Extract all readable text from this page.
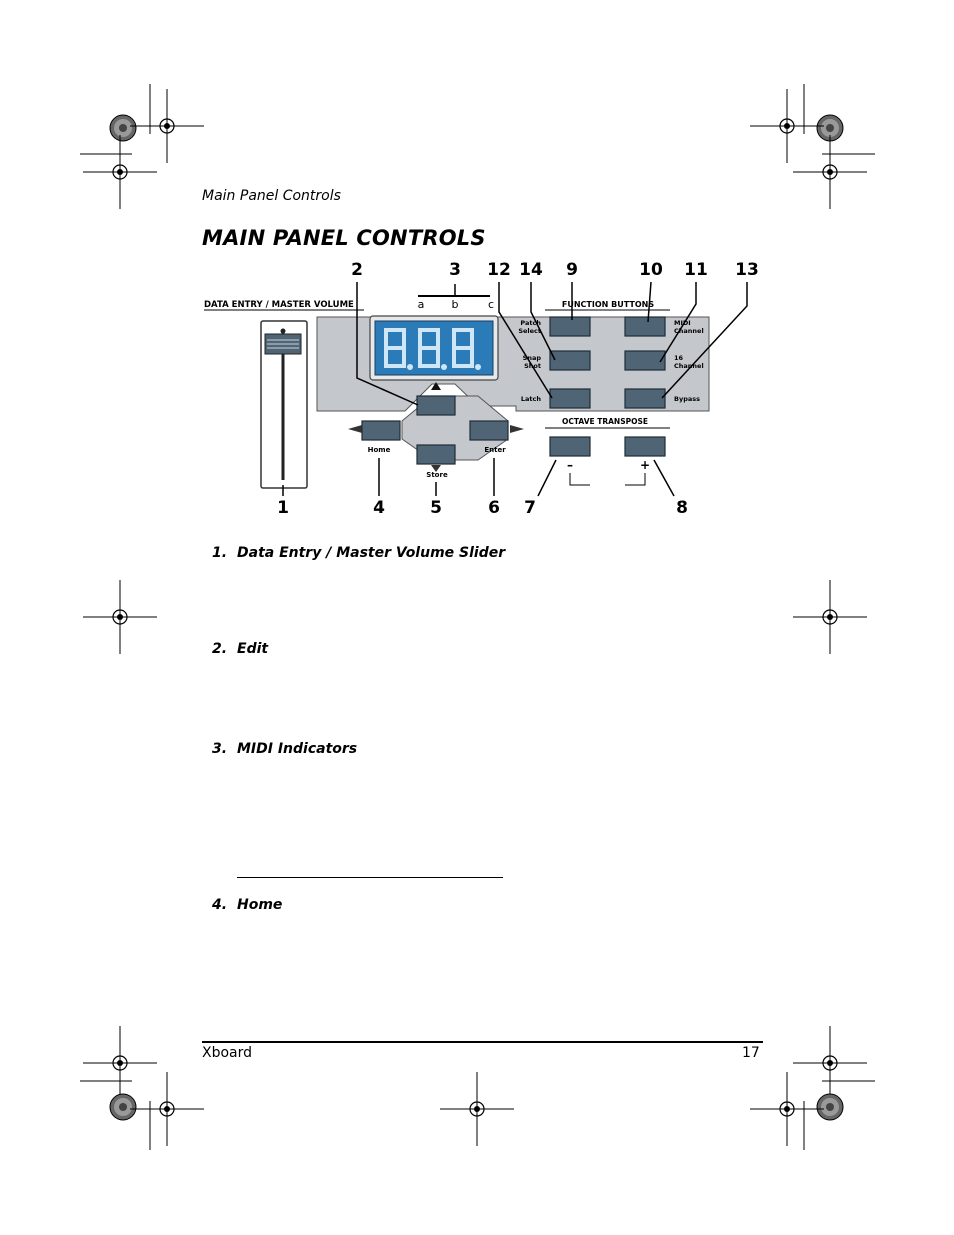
Main Panel Controls
MAIN PANEL CONTROLS
1
2	3
4	5	6 7	8
9	10 11
12	13
14
DATA ENTRY / MASTER VOLUME	FUNCTION BUTTONS
a b	c
Home
Store
Enter
Patch
Select
Snap
Shot
Latch
MIDI
Channel
16
Channel
Bypass
OCTAVE TRANSPOSE
–	+
1. Data Entry / Master Volume Slider
2. Edit
3. MIDI Indicators
4. Home
Xboard	17
